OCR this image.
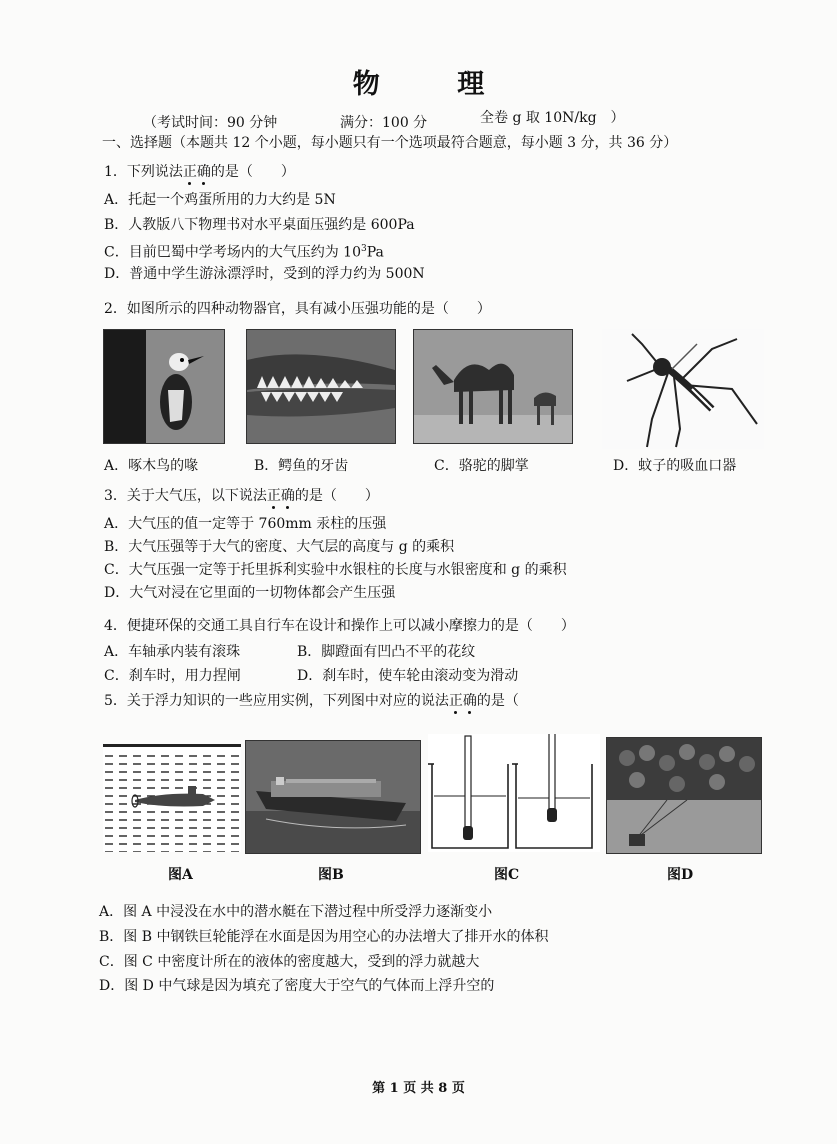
物 理
（考试时间：90 分钟	满分：100 分	全卷 g 取 10N/kg　）
一、选择题（本题共 12 个小题，每小题只有一个选项最符合题意，每小题 3 分，共 36 分）
1．下列说法正确的是（　　）
A．托起一个鸡蛋所用的力大约是 5N
B．人教版八下物理书对水平桌面压强约是 600Pa
C．目前巴蜀中学考场内的大气压约为 $10^3Pa$
D．普通中学生游泳漂浮时，受到的浮力约为 500N
2．如图所示的四种动物器官，具有减小压强功能的是（　　）
A．啄木鸟的喙	B．鳄鱼的牙齿	C．骆驼的脚掌	D．蚊子的吸血口器
3．关于大气压，以下说法正确的是（　　）
A．大气压的值一定等于 760mm 汞柱的压强
B．大气压强等于大气的密度、大气层的高度与 g 的乘积
C．大气压强一定等于托里拆利实验中水银柱的长度与水银密度和 g 的乘积
D．大气对浸在它里面的一切物体都会产生压强
4．便捷环保的交通工具自行车在设计和操作上可以减小摩擦力的是（　　）
A．车轴承内装有滚珠	B．脚蹬面有凹凸不平的花纹
C．刹车时，用力捏闸	D．刹车时，使车轮由滚动变为滑动
5．关于浮力知识的一些应用实例，下列图中对应的说法正确的是（
图A	图B	图C	图D
A．图 A 中浸没在水中的潜水艇在下潜过程中所受浮力逐渐变小
B．图 B 中钢铁巨轮能浮在水面是因为用空心的办法增大了排开水的体积
C．图 C 中密度计所在的液体的密度越大，受到的浮力就越大
D．图 D 中气球是因为填充了密度大于空气的气体而上浮升空的
第 1 页 共 8 页
